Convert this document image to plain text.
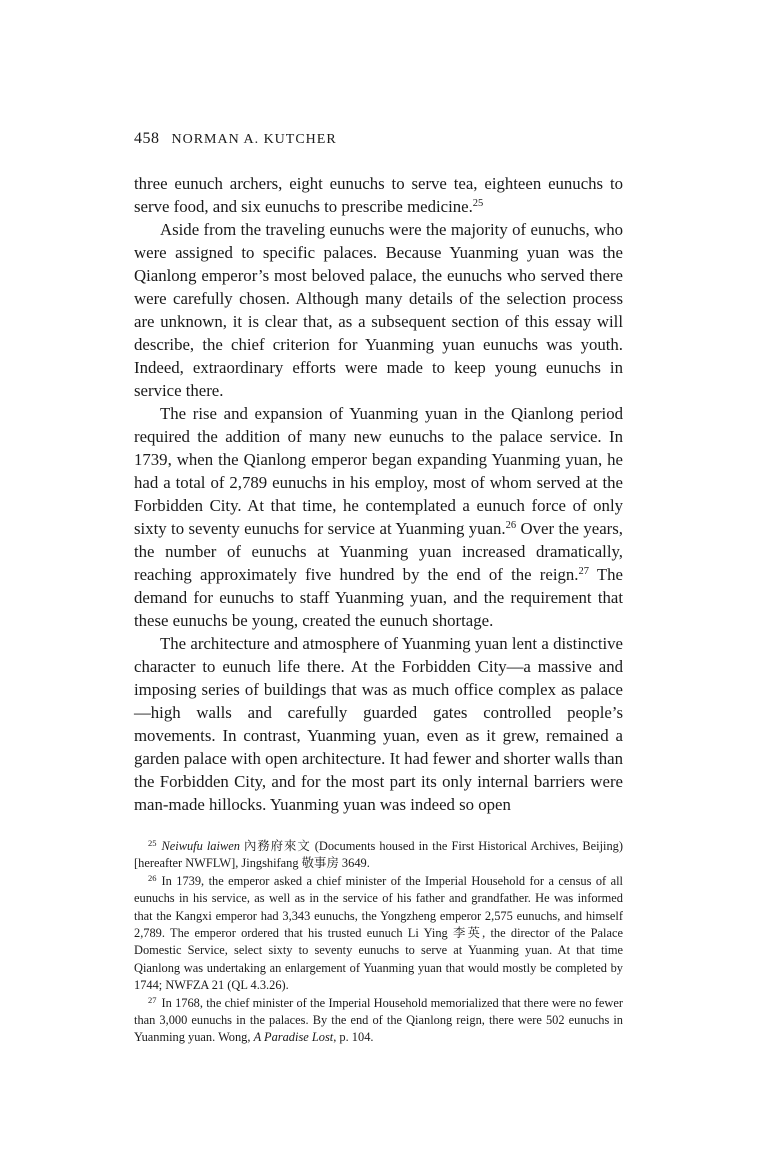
458 NORMAN A. KUTCHER

three eunuch archers, eight eunuchs to serve tea, eighteen eunuchs to serve food, and six eunuchs to prescribe medicine.$^{25}$

Aside from the traveling eunuchs were the majority of eunuchs, who were assigned to specific palaces. Because Yuanming yuan was the Qianlong emperor’s most beloved palace, the eunuchs who served there were carefully chosen. Although many details of the selection process are unknown, it is clear that, as a subsequent section of this essay will describe, the chief criterion for Yuanming yuan eunuchs was youth. Indeed, extraordinary efforts were made to keep young eunuchs in service there.

The rise and expansion of Yuanming yuan in the Qianlong period required the addition of many new eunuchs to the palace service. In 1739, when the Qianlong emperor began expanding Yuanming yuan, he had a total of 2,789 eunuchs in his employ, most of whom served at the Forbidden City. At that time, he contemplated a eunuch force of only sixty to seventy eunuchs for service at Yuanming yuan.$^{26}$ Over the years, the number of eunuchs at Yuanming yuan increased dramatically, reaching approximately five hundred by the end of the reign.$^{27}$ The demand for eunuchs to staff Yuanming yuan, and the requirement that these eunuchs be young, created the eunuch shortage.

The architecture and atmosphere of Yuanming yuan lent a distinctive character to eunuch life there. At the Forbidden City—a massive and imposing series of buildings that was as much office complex as palace—high walls and carefully guarded gates controlled people’s movements. In contrast, Yuanming yuan, even as it grew, remained a garden palace with open architecture. It had fewer and shorter walls than the Forbidden City, and for the most part its only internal barriers were man-made hillocks. Yuanming yuan was indeed so open

$^{25}$ Neiwufu laiwen 內務府來文 (Documents housed in the First Historical Archives, Beijing) [hereafter NWFLW], Jingshifang 敬事房 3649.

$^{26}$ In 1739, the emperor asked a chief minister of the Imperial Household for a census of all eunuchs in his service, as well as in the service of his father and grandfather. He was informed that the Kangxi emperor had 3,343 eunuchs, the Yongzheng emperor 2,575 eunuchs, and himself 2,789. The emperor ordered that his trusted eunuch Li Ying 李英, the director of the Palace Domestic Service, select sixty to seventy eunuchs to serve at Yuanming yuan. At that time Qianlong was undertaking an enlargement of Yuanming yuan that would mostly be completed by 1744; NWFZA 21 (QL 4.3.26).

$^{27}$ In 1768, the chief minister of the Imperial Household memorialized that there were no fewer than 3,000 eunuchs in the palaces. By the end of the Qianlong reign, there were 502 eunuchs in Yuanming yuan. Wong, A Paradise Lost, p. 104.
